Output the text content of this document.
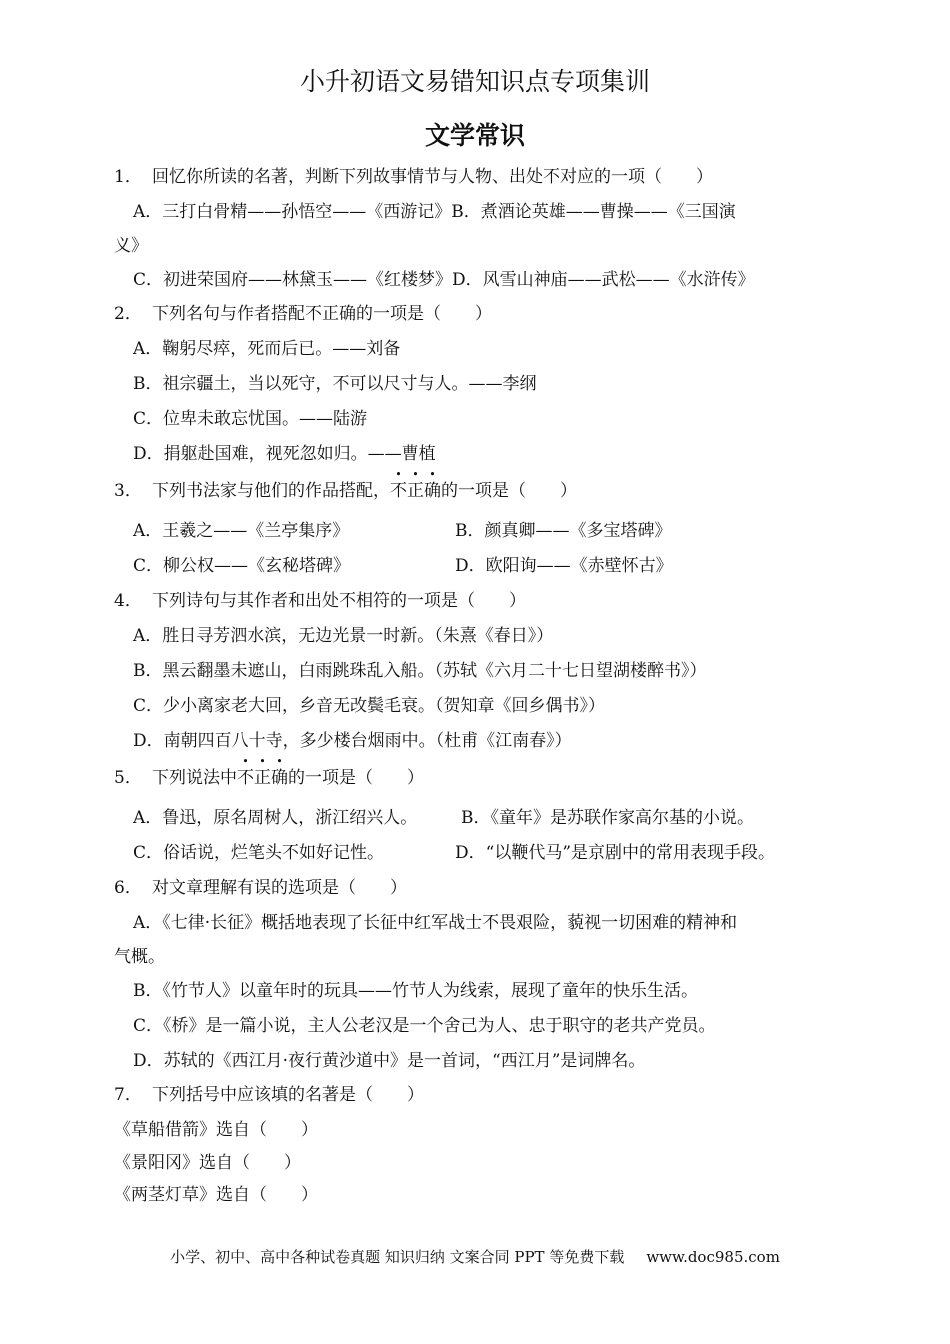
小升初语文易错知识点专项集训
文学常识
1． 回忆你所读的名著，判断下列故事情节与人物、出处不对应的一项（　　）
A．三打白骨精——孙悟空——《西游记》B．煮酒论英雄——曹操——《三国演
义》
C．初进荣国府——林黛玉——《红楼梦》D．风雪山神庙——武松——《水浒传》
2． 下列名句与作者搭配不正确的一项是（　　）
A．鞠躬尽瘁，死而后已。——刘备
B．祖宗疆土，当以死守，不可以尺寸与人。——李纲
C．位卑未敢忘忧国。——陆游
D．捐躯赴国难，视死忽如归。——曹植
3． 下列书法家与他们的作品搭配，不正确的一项是（　　）
A．王羲之——《兰亭集序》	B．颜真卿——《多宝塔碑》
C．柳公权——《玄秘塔碑》	D．欧阳询——《赤壁怀古》
4． 下列诗句与其作者和出处不相符的一项是（　　）
A．胜日寻芳泗水滨，无边光景一时新。（朱熹《春日》）
B．黑云翻墨未遮山，白雨跳珠乱入船。（苏轼《六月二十七日望湖楼醉书》）
C．少小离家老大回，乡音无改鬓毛衰。（贺知章《回乡偶书》）
D．南朝四百八十寺，多少楼台烟雨中。（杜甫《江南春》）
5． 下列说法中不正确的一项是（　　）
A．鲁迅，原名周树人，浙江绍兴人。	B．《童年》是苏联作家高尔基的小说。
C．俗话说，烂笔头不如好记性。	D．“以鞭代马”是京剧中的常用表现手段。
6． 对文章理解有误的选项是（　　）
A．《七律·长征》概括地表现了长征中红军战士不畏艰险，藐视一切困难的精神和
气概。
B．《竹节人》以童年时的玩具——竹节人为线索，展现了童年的快乐生活。
C．《桥》是一篇小说，主人公老汉是一个舍己为人、忠于职守的老共产党员。
D．苏轼的《西江月·夜行黄沙道中》是一首词，“西江月”是词牌名。
7． 下列括号中应该填的名著是（　　）
《草船借箭》选自（　　）
《景阳冈》选自（　　）
《两茎灯草》选自（　　）
小学、初中、高中各种试卷真题 知识归纳 文案合同 PPT 等免费下载 www.doc985.com
